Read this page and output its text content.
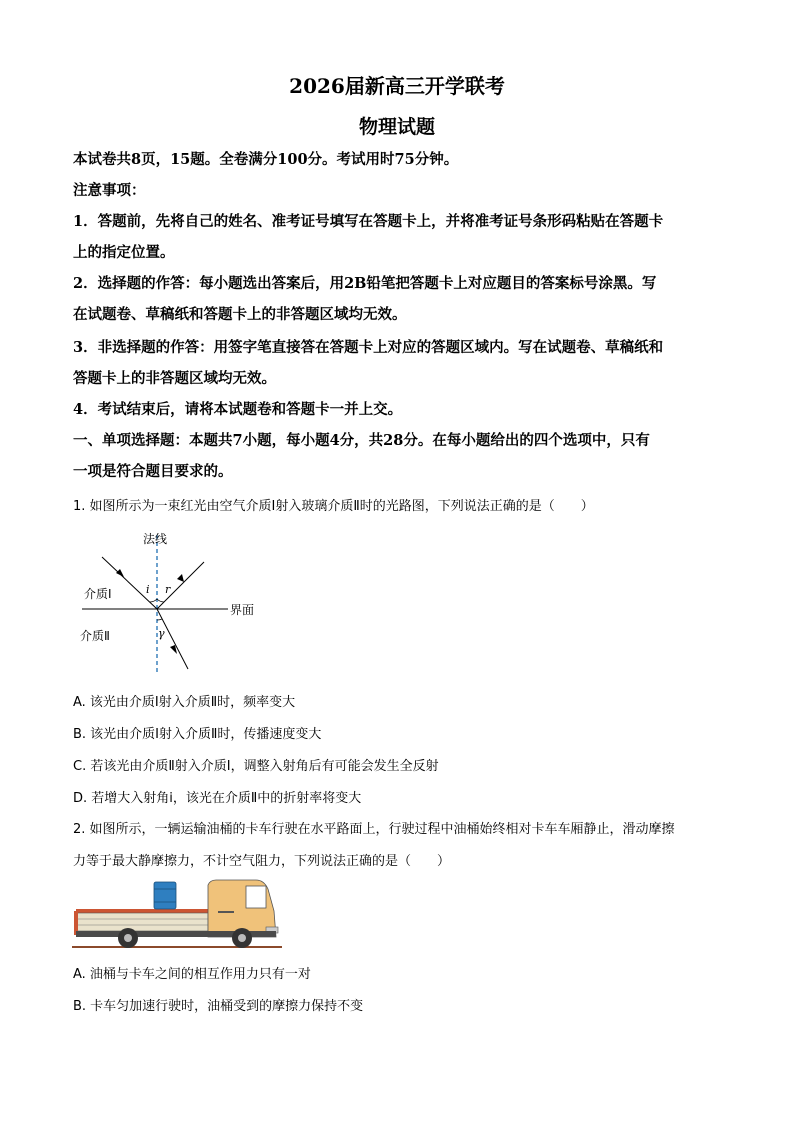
2026届新高三开学联考
物理试题
本试卷共8页，15题。全卷满分100分。考试用时75分钟。
注意事项：
1．答题前，先将自己的姓名、准考证号填写在答题卡上，并将准考证号条形码粘贴在答题卡
上的指定位置。
2．选择题的作答：每小题选出答案后，用2B铅笔把答题卡上对应题目的答案标号涂黑。写
在试题卷、草稿纸和答题卡上的非答题区域均无效。
3．非选择题的作答：用签字笔直接答在答题卡上对应的答题区域内。写在试题卷、草稿纸和
答题卡上的非答题区域均无效。
4．考试结束后，请将本试题卷和答题卡一并上交。
一、单项选择题：本题共7小题，每小题4分，共28分。在每小题给出的四个选项中，只有
一项是符合题目要求的。
1. 如图所示为一束红光由空气介质Ⅰ射入玻璃介质Ⅱ时的光路图，下列说法正确的是（　　）
法线
界面
介质Ⅰ
介质Ⅱ
i r
γ
A. 该光由介质Ⅰ射入介质Ⅱ时，频率变大
B. 该光由介质Ⅰ射入介质Ⅱ时，传播速度变大
C. 若该光由介质Ⅱ射入介质Ⅰ，调整入射角后有可能会发生全反射
D. 若增大入射角i，该光在介质Ⅱ中的折射率将变大
2. 如图所示，一辆运输油桶的卡车行驶在水平路面上，行驶过程中油桶始终相对卡车车厢静止，滑动摩擦
力等于最大静摩擦力，不计空气阻力，下列说法正确的是（　　）
A. 油桶与卡车之间的相互作用力只有一对
B. 卡车匀加速行驶时，油桶受到的摩擦力保持不变
